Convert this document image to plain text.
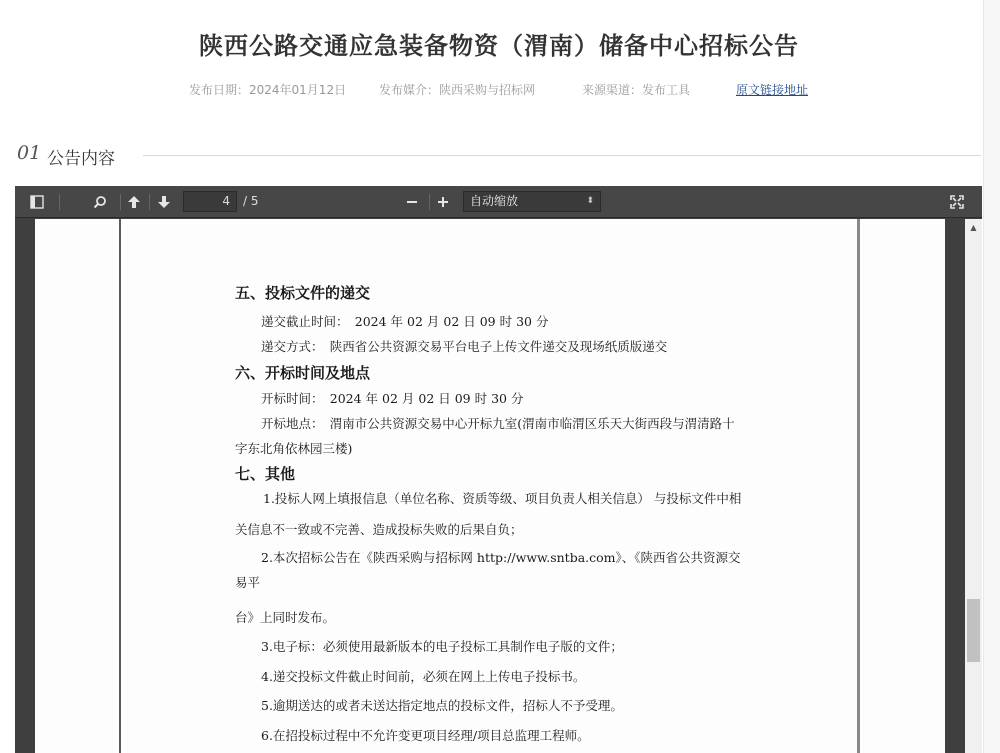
陕西公路交通应急装备物资（渭南）储备中心招标公告
发布日期：2024年01月12日	发布媒介：陕西采购与招标网	来源渠道：发布工具	原文链接地址
01 公告内容
4	/ 5	自动缩放	⬍
五、投标文件的递交
递交截止时间：　2024 年 02 月 02 日 09 时 30 分
递交方式：　陕西省公共资源交易平台电子上传文件递交及现场纸质版递交
六、开标时间及地点
开标时间：　2024 年 02 月 02 日 09 时 30 分
开标地点：　渭南市公共资源交易中心开标九室(渭南市临渭区乐天大街西段与渭清路十
字东北角依林园三楼)
七、其他
1.投标人网上填报信息（单位名称、资质等级、项目负责人相关信息） 与投标文件中相
关信息不一致或不完善、造成投标失败的后果自负；
2.本次招标公告在《陕西采购与招标网 http://www.sntba.com》、《陕西省公共资源交
易平
台》上同时发布。
3.电子标：必须使用最新版本的电子投标工具制作电子版的文件；
4.递交投标文件截止时间前，必须在网上上传电子投标书。
5.逾期送达的或者未送达指定地点的投标文件，招标人不予受理。
6.在招投标过程中不允许变更项目经理/项目总监理工程师。
▲
